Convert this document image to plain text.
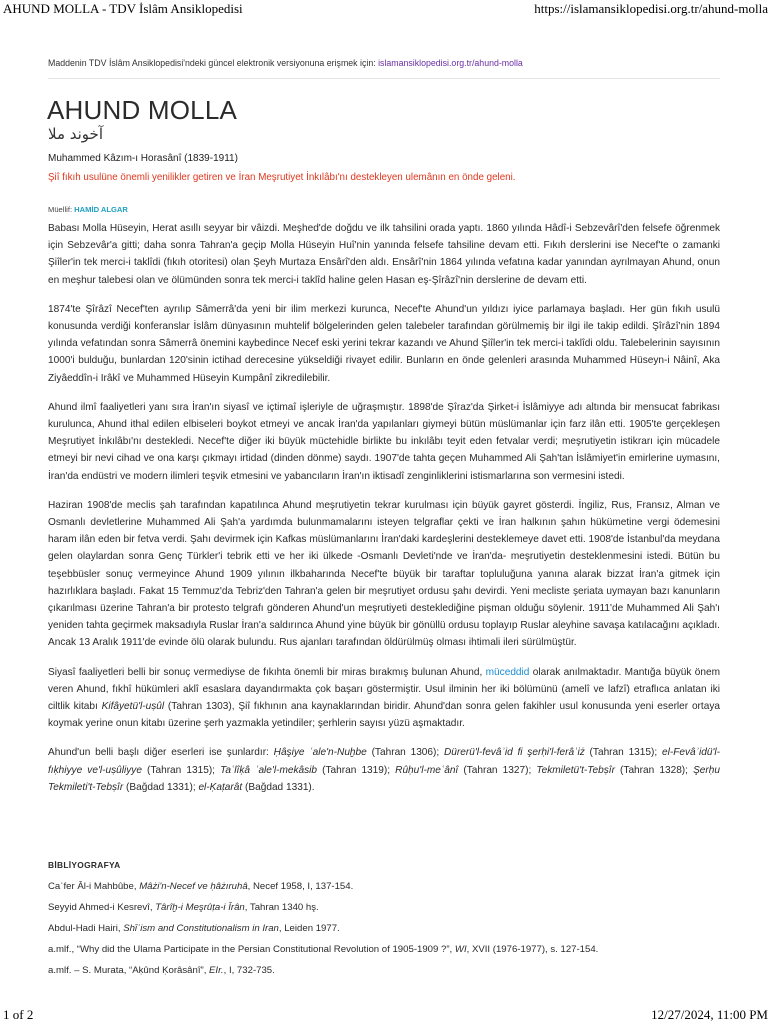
AHUND MOLLA - TDV İslâm Ansiklopedisi	https://islamansiklopedisi.org.tr/ahund-molla
Maddenin TDV İslâm Ansiklopedisi'ndeki güncel elektronik versiyonuna erişmek için: islamansiklopedisi.org.tr/ahund-molla
AHUND MOLLA
آخوند ملا
Muhammed Kâzım-ı Horasânî (1839-1911)
Şiî fıkıh usulüne önemli yenilikler getiren ve İran Meşrutiyet İnkılâbı'nı destekleyen ulemânın en önde geleni.
Müellif: HAMİD ALGAR

Babası Molla Hüseyin, Herat asıllı seyyar bir vâizdi. Meşhed'de doğdu ve ilk tahsilini orada yaptı. 1860 yılında Hâdî-i Sebzevârî'den felsefe öğrenmek için Sebzevâr'a gitti; daha sonra Tahran'a geçip Molla Hüseyin Huî'nin yanında felsefe tahsiline devam etti. Fıkıh derslerini ise Necef'te o zamanki Şiîler'in tek merci-i taklîdi (fıkıh otoritesi) olan Şeyh Murtaza Ensârî'den aldı. Ensârî'nin 1864 yılında vefatına kadar yanından ayrılmayan Ahund, onun en meşhur talebesi olan ve ölümünden sonra tek merci-i taklîd haline gelen Hasan eş-Şîrâzî'nin derslerine de devam etti.

1874'te Şîrâzî Necef'ten ayrılıp Sâmerrâ'da yeni bir ilim merkezi kurunca, Necef'te Ahund'un yıldızı iyice parlamaya başladı. Her gün fıkıh usulü konusunda verdiği konferanslar İslâm dünyasının muhtelif bölgelerinden gelen talebeler tarafından görülmemiş bir ilgi ile takip edildi. Şîrâzî'nin 1894 yılında vefatından sonra Sâmerrâ önemini kaybedince Necef eski yerini tekrar kazandı ve Ahund Şiîler'in tek merci-i taklîdi oldu. Talebelerinin sayısının 1000'i bulduğu, bunlardan 120'sinin ictihad derecesine yükseldiği rivayet edilir. Bunların en önde gelenleri arasında Muhammed Hüseyn-i Nâinî, Aka Ziyâeddîn-i Irâkî ve Muhammed Hüseyin Kumpânî zikredilebilir.

Ahund ilmî faaliyetleri yanı sıra İran'ın siyasî ve içtimaî işleriyle de uğraşmıştır. 1898'de Şîraz'da Şirket-i İslâmiyye adı altında bir mensucat fabrikası kurulunca, Ahund ithal edilen elbiseleri boykot etmeyi ve ancak İran'da yapılanları giymeyi bütün müslümanlar için farz ilân etti. 1905'te gerçekleşen Meşrutiyet İnkılâbı'nı destekledi. Necef'te diğer iki büyük müctehidle birlikte bu inkılâbı teyit eden fetvalar verdi; meşrutiyetin istikrarı için mücadele etmeyi bir nevi cihad ve ona karşı çıkmayı irtidad (dinden dönme) saydı. 1907'de tahta geçen Muhammed Ali Şah'tan İslâmiyet'in emirlerine uymasını, İran'da endüstri ve modern ilimleri teşvik etmesini ve yabancıların İran'ın iktisadî zenginliklerini istismarlarına son vermesini istedi.

Haziran 1908'de meclis şah tarafından kapatılınca Ahund meşrutiyetin tekrar kurulması için büyük gayret gösterdi. İngiliz, Rus, Fransız, Alman ve Osmanlı devletlerine Muhammed Ali Şah'a yardımda bulunmamalarını isteyen telgraflar çekti ve İran halkının şahın hükümetine vergi ödemesini haram ilân eden bir fetva verdi. Şahı devirmek için Kafkas müslümanlarını İran'daki kardeşlerini desteklemeye davet etti. 1908'de İstanbul'da meydana gelen olaylardan sonra Genç Türkler'i tebrik etti ve her iki ülkede -Osmanlı Devleti'nde ve İran'da- meşrutiyetin desteklenmesini istedi. Bütün bu teşebbüsler sonuç vermeyince Ahund 1909 yılının ilkbaharında Necef'te büyük bir taraftar topluluğuna yanına alarak bizzat İran'a gitmek için hazırlıklara başladı. Fakat 15 Temmuz'da Tebriz'den Tahran'a gelen bir meşrutiyet ordusu şahı devirdi. Yeni mecliste şeriata uymayan bazı kanunların çıkarılması üzerine Tahran'a bir protesto telgrafı gönderen Ahund'un meşrutiyeti desteklediğine pişman olduğu söylenir. 1911'de Muhammed Ali Şah'ı yeniden tahta geçirmek maksadıyla Ruslar İran'a saldırınca Ahund yine büyük bir gönüllü ordusu toplayıp Ruslar aleyhine savaşa katılacağını açıkladı. Ancak 13 Aralık 1911'de evinde ölü olarak bulundu. Rus ajanları tarafından öldürülmüş olması ihtimali ileri sürülmüştür.

Siyasî faaliyetleri belli bir sonuç vermediyse de fıkıhta önemli bir miras bırakmış bulunan Ahund, müceddid olarak anılmaktadır. Mantığa büyük önem veren Ahund, fıkhî hükümleri aklî esaslara dayandırmakta çok başarı göstermiştir. Usul ilminin her iki bölümünü (amelî ve lafzî) etraflıca anlatan iki ciltlik kitabı Kifâyetü'l-uṣûl (Tahran 1303), Şiî fıkhının ana kaynaklarından biridir. Ahund'dan sonra gelen fakihler usul konusunda yeni eserler ortaya koymak yerine onun kitabı üzerine şerh yazmakla yetindiler; şerhlerin sayısı yüzü aşmaktadır.

Ahund'un belli başlı diğer eserleri ise şunlardır: Ḥâşiye ʿale'n-Nuḫbe (Tahran 1306); Dürerü'l-fevâʾid fi şerḥi'l-ferâʾiż (Tahran 1315); el-Fevâʾidü'l-fıḳhiyye ve'l-uṣûliyye (Tahran 1315); Taʿlîḳâ ʿale'l-mekâsib (Tahran 1319); Rûḥu'l-meʿânî (Tahran 1327); Tekmiletü't-Tebṣîr (Tahran 1328); Şerḥu Tekmileti't-Tebṣîr (Bağdad 1331); el-Ḳaṭarât (Bağdad 1331).

BİBLİYOGRAFYA
Caʿfer Âl-i Mahbûbe, Mâżi'n-Necef ve ḥâżıruhâ, Necef 1958, I, 137-154.
Seyyid Ahmed-i Kesrevî, Târîḫ-i Meşrûṭa-i Îrân, Tahran 1340 hş.
Abdul-Hadi Hairi, Shīʿism and Constitutionalism in Iran, Leiden 1977.
a.mlf., “Why did the Ulama Participate in the Persian Constitutional Revolution of 1905-1909 ?”, WI, XVII (1976-1977), s. 127-154.
a.mlf. – S. Murata, “Aḳûnd Ḳorâsânî”, EIr., I, 732-735.
1 of 2	12/27/2024, 11:00 PM
